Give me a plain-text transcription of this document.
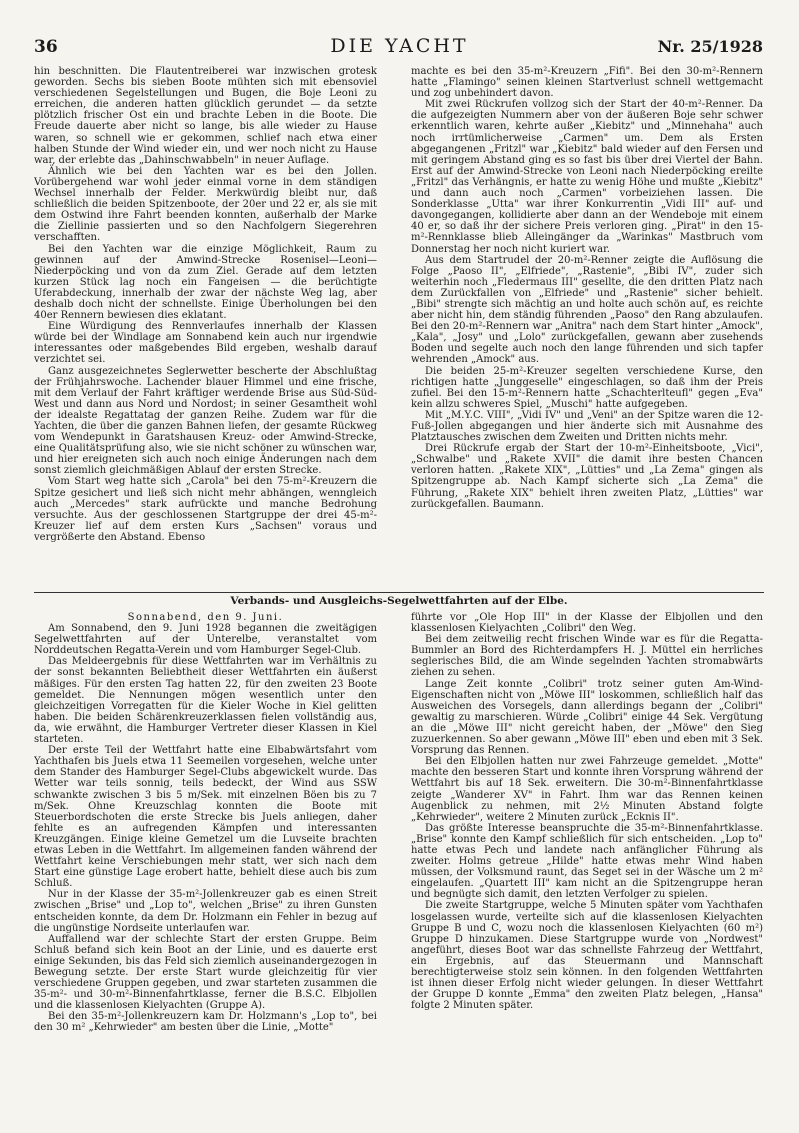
36	DIE YACHT	Nr. 25/1928

hin beschnitten. Die Flautentreiberei war inzwischen grotesk geworden. Sechs bis sieben Boote mühten sich mit ebensoviel verschiedenen Segelstellungen und Bugen, die Boje Leoni zu erreichen, die anderen hatten glücklich gerundet — da setzte plötzlich frischer Ost ein und brachte Leben in die Boote. Die Freude dauerte aber nicht so lange, bis alle wieder zu Hause waren, so schnell wie er gekommen, schlief nach etwa einer halben Stunde der Wind wieder ein, und wer noch nicht zu Hause war, der erlebte das „Dahinschwabbeln" in neuer Auflage.

Ähnlich wie bei den Yachten war es bei den Jollen. Vorübergehend war wohl jeder einmal vorne in dem ständigen Wechsel innerhalb der Felder. Merkwürdig bleibt nur, daß schließlich die beiden Spitzenboote, der 20er und 22 er, als sie mit dem Ostwind ihre Fahrt beenden konnten, außerhalb der Marke die Ziellinie passierten und so den Nachfolgern Siegerehren verschafften.

Bei den Yachten war die einzige Möglichkeit, Raum zu gewinnen auf der Amwind-Strecke Rosenisel—Leoni—Niederpöcking und von da zum Ziel. Gerade auf dem letzten kurzen Stück lag noch ein Fangeisen — die berüchtigte Uferabdeckung, innerhalb der zwar der nächste Weg lag, aber deshalb doch nicht der schnellste. Einige Überholungen bei den 40er Rennern bewiesen dies eklatant.

Eine Würdigung des Rennverlaufes innerhalb der Klassen würde bei der Windlage am Sonnabend kein auch nur irgendwie interessantes oder maßgebendes Bild ergeben, weshalb darauf verzichtet sei.

Ganz ausgezeichnetes Seglerwetter bescherte der Abschlußtag der Frühjahrswoche. Lachender blauer Himmel und eine frische, mit dem Verlauf der Fahrt kräftiger werdende Brise aus Süd-Süd-West und dann aus Nord und Nordost; in seiner Gesamtheit wohl der idealste Regattatag der ganzen Reihe. Zudem war für die Yachten, die über die ganzen Bahnen liefen, der gesamte Rückweg vom Wendepunkt in Garatshausen Kreuz- oder Amwind-Strecke, eine Qualitätsprüfung also, wie sie nicht schöner zu wünschen war, und hier ereigneten sich auch noch einige Änderungen nach dem sonst ziemlich gleichmäßigen Ablauf der ersten Strecke.

Vom Start weg hatte sich „Carola" bei den 75-m²-Kreuzern die Spitze gesichert und ließ sich nicht mehr abhängen, wenngleich auch „Mercedes" stark aufrückte und manche Bedrohung versuchte. Aus der geschlossenen Startgruppe der drei 45-m²-Kreuzer lief auf dem ersten Kurs „Sachsen" voraus und vergrößerte den Abstand. Ebenso

machte es bei den 35-m²-Kreuzern „Fifi". Bei den 30-m²-Rennern hatte „Flamingo" seinen kleinen Startverlust schnell wettgemacht und zog unbehindert davon.

Mit zwei Rückrufen vollzog sich der Start der 40-m²-Renner. Da die aufgezeigten Nummern aber von der äußeren Boje sehr schwer erkenntlich waren, kehrte außer „Kiebitz" und „Minnehaha" auch noch irrtümlicherweise „Carmen" um. Dem als Ersten abgegangenen „Fritzl" war „Kiebitz" bald wieder auf den Fersen und mit geringem Abstand ging es so fast bis über drei Viertel der Bahn. Erst auf der Amwind-Strecke von Leoni nach Niederpöcking ereilte „Fritzl" das Verhängnis, er hatte zu wenig Höhe und mußte „Kiebitz" und dann auch noch „Carmen" vorbeiziehen lassen. Die Sonderklasse „Utta" war ihrer Konkurrentin „Vidi III" auf- und davongegangen, kollidierte aber dann an der Wendeboje mit einem 40 er, so daß ihr der sichere Preis verloren ging. „Pirat" in den 15-m²-Rennklasse blieb Alleingänger da „Warinkas" Mastbruch vom Donnerstag her noch nicht kuriert war.

Aus dem Startrudel der 20-m²-Renner zeigte die Auflösung die Folge „Paoso II", „Elfriede", „Rastenie", „Bibi IV", zuder sich weiterhin noch „Fledermaus III" gesellte, die den dritten Platz nach dem Zurückfallen von „Elfriede" und „Rastenie" sicher behielt. „Bibi" strengte sich mächtig an und holte auch schön auf, es reichte aber nicht hin, dem ständig führenden „Paoso" den Rang abzulaufen. Bei den 20-m²-Rennern war „Anitra" nach dem Start hinter „Amock", „Kala", „Josy" und „Lolo" zurückgefallen, gewann aber zusehends Boden und segelte auch noch den lange führenden und sich tapfer wehrenden „Amock" aus.

Die beiden 25-m²-Kreuzer segelten verschiedene Kurse, den richtigen hatte „Junggeselle" eingeschlagen, so daß ihm der Preis zufiel. Bei den 15-m²-Rennern hatte „Schachterlteufl" gegen „Eva" kein allzu schweres Spiel, „Muschi" hatte aufgegeben.

Mit „M.Y.C. VIII", „Vidi IV" und „Veni" an der Spitze waren die 12-Fuß-Jollen abgegangen und hier änderte sich mit Ausnahme des Platztausches zwischen dem Zweiten und Dritten nichts mehr.

Drei Rückrufe ergab der Start der 10-m²-Einheitsboote, „Vici", „Schwalbe" und „Rakete XVII" die damit ihre besten Chancen verloren hatten. „Rakete XIX", „Lütties" und „La Zema" gingen als Spitzengruppe ab. Nach Kampf sicherte sich „La Zema" die Führung, „Rakete XIX" behielt ihren zweiten Platz, „Lütties" war zurückgefallen. Baumann.

Verbands- und Ausgleichs-Segelwettfahrten auf der Elbe.

Sonnabend, den 9. Juni.

Am Sonnabend, den 9. Juni 1928 begannen die zweitägigen Segelwettfahrten auf der Unterelbe, veranstaltet vom Norddeutschen Regatta-Verein und vom Hamburger Segel-Club.

Das Meldeergebnis für diese Wettfahrten war im Verhältnis zu der sonst bekannten Beliebtheit dieser Wettfahrten ein äußerst mäßiges. Für den ersten Tag hatten 22, für den zweiten 23 Boote gemeldet. Die Nennungen mögen wesentlich unter den gleichzeitigen Vorregatten für die Kieler Woche in Kiel gelitten haben. Die beiden Schärenkreuzerklassen fielen vollständig aus, da, wie erwähnt, die Hamburger Vertreter dieser Klassen in Kiel starteten.

Der erste Teil der Wettfahrt hatte eine Elbabwärtsfahrt vom Yachthafen bis Juels etwa 11 Seemeilen vorgesehen, welche unter dem Stander des Hamburger Segel-Clubs abgewickelt wurde. Das Wetter war teils sonnig, teils bedeckt, der Wind aus SSW schwankte zwischen 3 bis 5 m/Sek. mit einzelnen Böen bis zu 7 m/Sek. Ohne Kreuzschlag konnten die Boote mit Steuerbordschoten die erste Strecke bis Juels anliegen, daher fehlte es an aufregenden Kämpfen und interessanten Kreuzgängen. Einige kleine Gemetzel um die Luvseite brachten etwas Leben in die Wettfahrt. Im allgemeinen fanden während der Wettfahrt keine Verschiebungen mehr statt, wer sich nach dem Start eine günstige Lage erobert hatte, behielt diese auch bis zum Schluß.

Nur in der Klasse der 35-m²-Jollenkreuzer gab es einen Streit zwischen „Brise" und „Lop to", welchen „Brise" zu ihren Gunsten entscheiden konnte, da dem Dr. Holzmann ein Fehler in bezug auf die ungünstige Nordseite unterlaufen war.

Auffallend war der schlechte Start der ersten Gruppe. Beim Schluß befand sich kein Boot an der Linie, und es dauerte erst einige Sekunden, bis das Feld sich ziemlich auseinandergezogen in Bewegung setzte. Der erste Start wurde gleichzeitig für vier verschiedene Gruppen gegeben, und zwar starteten zusammen die 35-m²- und 30-m²-Binnenfahrtklasse, ferner die B.S.C. Elbjollen und die klassenlosen Kielyachten (Gruppe A).

Bei den 35-m²-Jollenkreuzern kam Dr. Holzmann's „Lop to", bei den 30 m² „Kehrwieder" am besten über die Linie, „Motte"

führte vor „Ole Hop III" in der Klasse der Elbjollen und den klassenlosen Kielyachten „Colibri" den Weg.

Bei dem zeitweilig recht frischen Winde war es für die Regatta-Bummler an Bord des Richterdampfers H. J. Müttel ein herrliches seglerisches Bild, die am Winde segelnden Yachten stromabwärts ziehen zu sehen.

Lange Zeit konnte „Colibri" trotz seiner guten Am-Wind-Eigenschaften nicht von „Möwe III" loskommen, schließlich half das Ausweichen des Vorsegels, dann allerdings begann der „Colibri" gewaltig zu marschieren. Würde „Colibri" einige 44 Sek. Vergütung an die „Möwe III" nicht gereicht haben, der „Möwe" den Sieg zuzuerkennen. So aber gewann „Möwe III" eben und eben mit 3 Sek. Vorsprung das Rennen.

Bei den Elbjollen hatten nur zwei Fahrzeuge gemeldet. „Motte" machte den besseren Start und konnte ihren Vorsprung während der Wettfahrt bis auf 18 Sek. erweitern. Die 30-m²-Binnenfahrtklasse zeigte „Wanderer XV" in Fahrt. Ihm war das Rennen keinen Augenblick zu nehmen, mit 2½ Minuten Abstand folgte „Kehrwieder", weitere 2 Minuten zurück „Ecknis II".

Das größte Interesse beanspruchte die 35-m²-Binnenfahrtklasse. „Brise" konnte den Kampf schließlich für sich entscheiden. „Lop to" hatte etwas Pech und landete nach anfänglicher Führung als zweiter. Holms getreue „Hilde" hatte etwas mehr Wind haben müssen, der Volksmund raunt, das Seget sei in der Wäsche um 2 m² eingelaufen. „Quartett III" kam nicht an die Spitzengruppe heran und begnügte sich damit, den letzten Verfolger zu spielen.

Die zweite Startgruppe, welche 5 Minuten später vom Yachthafen losgelassen wurde, verteilte sich auf die klassenlosen Kielyachten Gruppe B und C, wozu noch die klassenlosen Kielyachten (60 m²) Gruppe D hinzukamen. Diese Startgruppe wurde von „Nordwest" angeführt, dieses Boot war das schnellste Fahrzeug der Wettfahrt, ein Ergebnis, auf das Steuermann und Mannschaft berechtigterweise stolz sein können. In den folgenden Wettfahrten ist ihnen dieser Erfolg nicht wieder gelungen. In dieser Wettfahrt der Gruppe D konnte „Emma" den zweiten Platz belegen, „Hansa" folgte 2 Minuten später.
